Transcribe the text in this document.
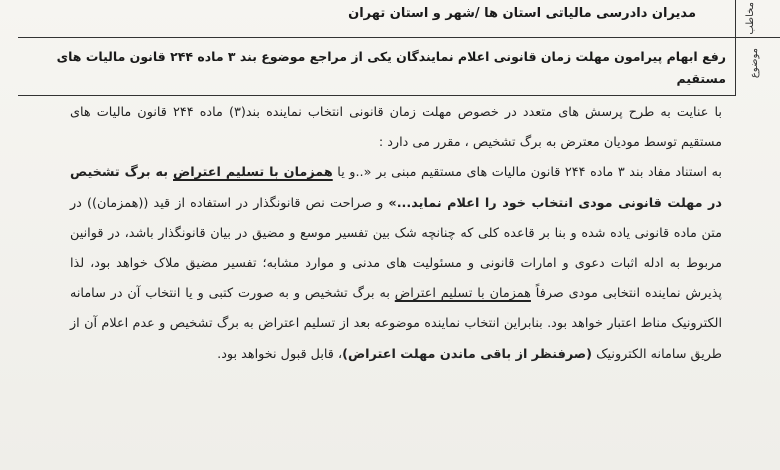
مخاطب
موضوع
مدیران دادرسی مالیاتی استان ها /شهر و استان تهران
رفع ابهام پیرامون مهلت زمان قانونی اعلام نمایندگان یکی از مراجع موضوع بند ۳ ماده ۲۴۴ قانون مالیات های مستقیم

با عنایت به طرح پرسش های متعدد در خصوص مهلت زمان قانونی انتخاب نماینده بند(۳) ماده ۲۴۴ قانون مالیات های مستقیم توسط مودیان معترض به برگ تشخیص ، مقرر می دارد :

به استناد مفاد بند ۳ ماده ۲۴۴ قانون مالیات های مستقیم مبنی بر «..و یا همزمان با تسلیم اعتراض به برگ تشخیص در مهلت قانونی مودی انتخاب خود را اعلام نماید...» و صراحت نص قانونگذار در استفاده از قید ((همزمان)) در متن ماده قانونی یاده شده و بنا بر قاعده کلی که چنانچه شک بین تفسیر موسع و مضیق در بیان قانونگذار باشد، در قوانین مربوط به ادله اثبات دعوی و امارات قانونی و مسئولیت های مدنی و موارد مشابه؛ تفسیر مضیق ملاک خواهد بود، لذا پذیرش نماینده انتخابی مودی صرفاً همزمان با تسلیم اعتراض به برگ تشخیص و به صورت کتبی و یا انتخاب آن در سامانه الکترونیک مناط اعتبار خواهد بود. بنابراین انتخاب نماینده موضوعه بعد از تسلیم اعتراض به برگ تشخیص و عدم اعلام آن از طریق سامانه الکترونیک (صرفنظر از باقی ماندن مهلت اعتراض)، قابل قبول نخواهد بود.
